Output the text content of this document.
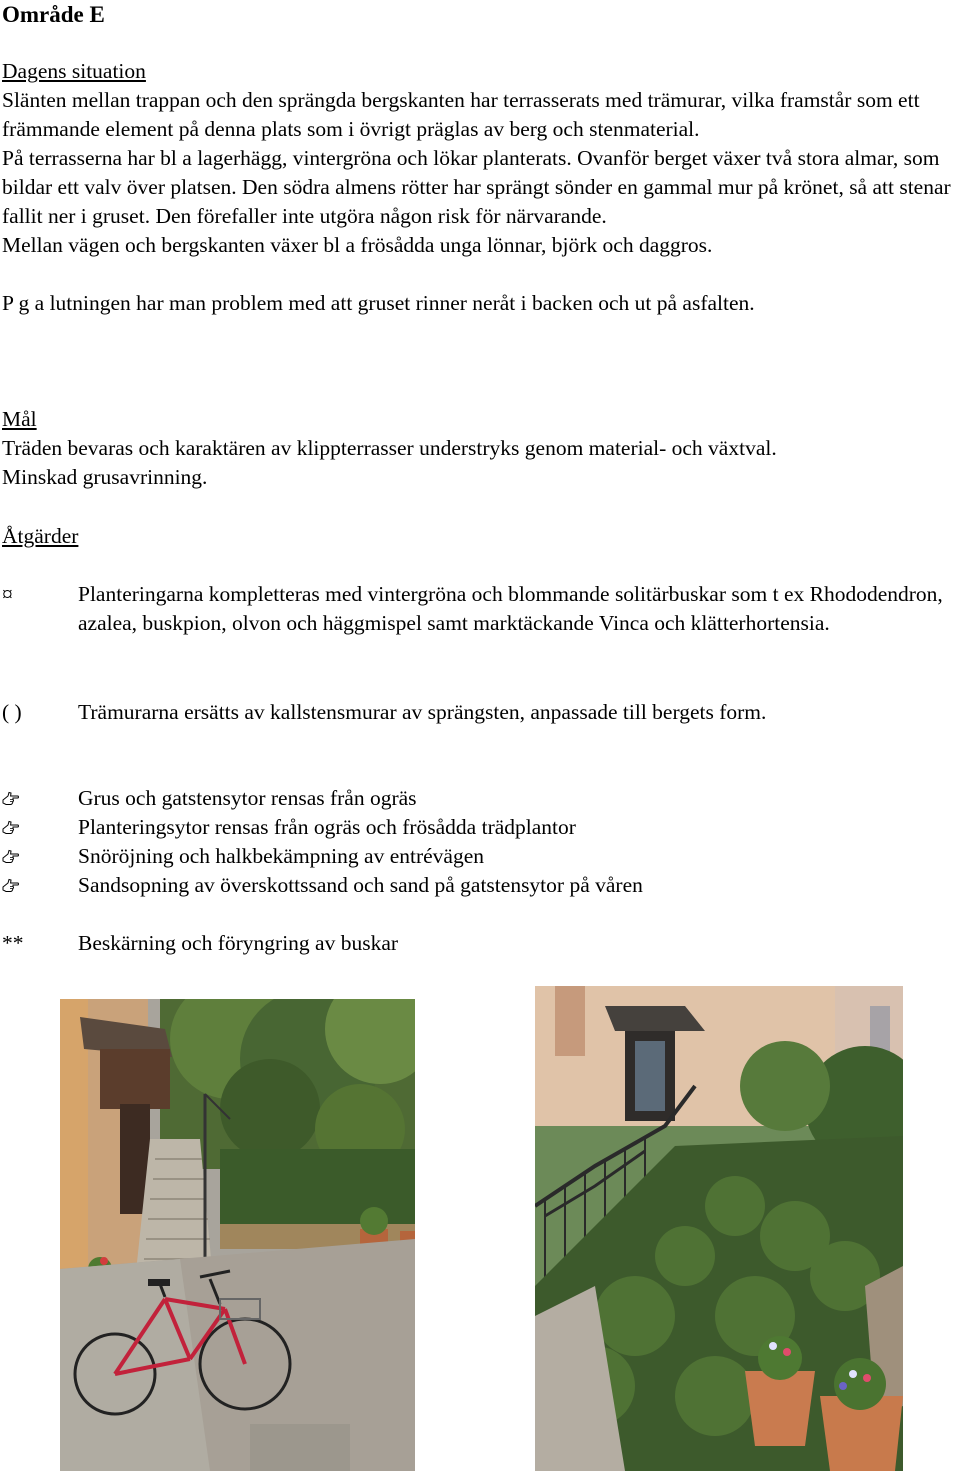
Område E

Dagens situation

Slänten mellan trappan och den sprängda bergskanten har terrasserats med trämurar, vilka framstår som ett främmande element på denna plats som i övrigt präglas av berg och stenmaterial.

På terrasserna har bl a lagerhägg, vintergröna och lökar planterats. Ovanför berget växer två stora almar, som bildar ett valv över platsen. Den södra almens rötter har sprängt sönder en gammal mur på krönet, så att stenar fallit ner i gruset. Den förefaller inte utgöra någon risk för närvarande.

Mellan vägen och bergskanten växer bl a frösådda unga lönnar, björk och daggros.

P g a lutningen har man problem med att gruset rinner neråt i backen och ut på asfalten.

Mål

Träden bevaras och karaktären av klippterrasser understryks genom material- och växtval.

Minskad grusavrinning.

Åtgärder

¤	Planteringarna kompletteras med vintergröna och blommande solitärbuskar som t ex Rhododendron, azalea, buskpion, olvon och häggmispel samt marktäckande Vinca och klätterhortensia.
( )	Trämurarna ersätts av kallstensmurar av sprängsten, anpassade till bergets form.
Grus och gatstensytor rensas från ogräs
Planteringsytor rensas från ogräs och frösådda trädplantor
Snöröjning och halkbekämpning av entrévägen
Sandsopning av överskottssand och sand på gatstensytor på våren
**	Beskärning och föryngring av buskar
